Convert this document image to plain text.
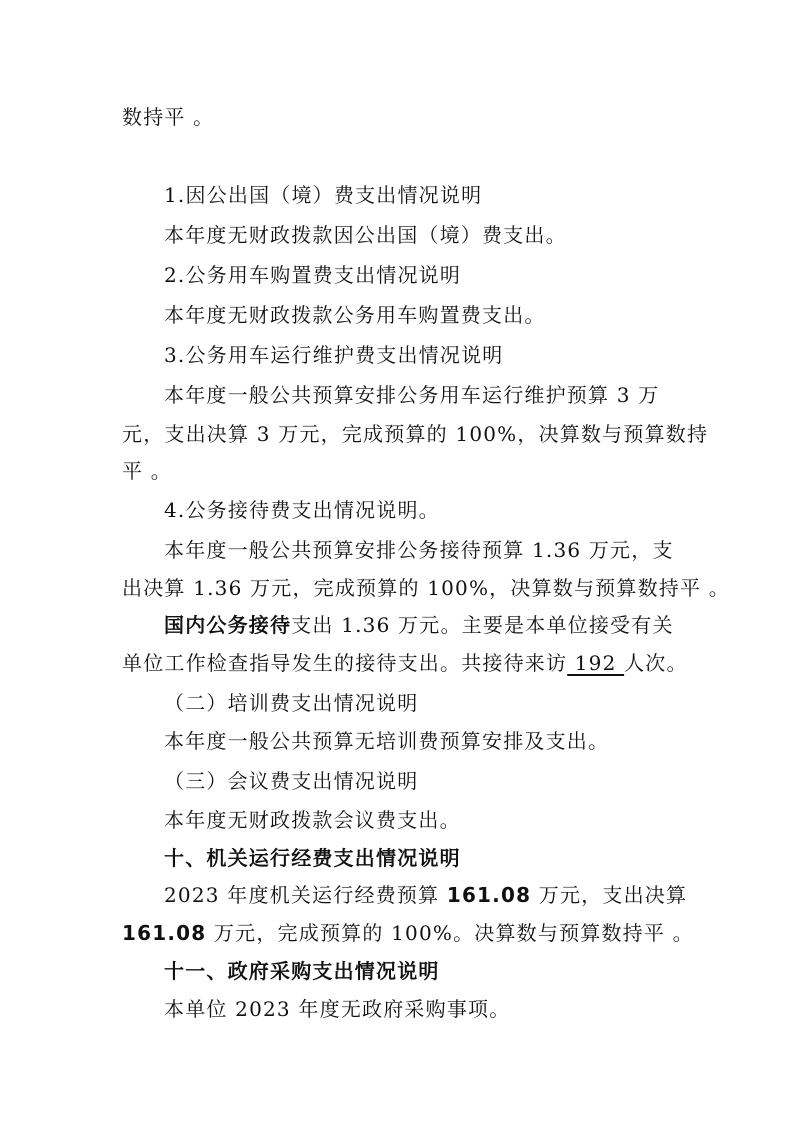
数持平 。
1.因公出国（境）费支出情况说明
本年度无财政拨款因公出国（境）费支出。
2.公务用车购置费支出情况说明
本年度无财政拨款公务用车购置费支出。
3.公务用车运行维护费支出情况说明
本年度一般公共预算安排公务用车运行维护预算 3 万
元，支出决算 3 万元，完成预算的 100%，决算数与预算数持
平 。
4.公务接待费支出情况说明。
本年度一般公共预算安排公务接待预算 1.36 万元，支
出决算 1.36 万元，完成预算的 100%，决算数与预算数持平 。
国内公务接待支出 1.36 万元。主要是本单位接受有关
单位工作检查指导发生的接待支出。共接待来访 192 人次。
（二）培训费支出情况说明
本年度一般公共预算无培训费预算安排及支出。
（三）会议费支出情况说明
本年度无财政拨款会议费支出。
十、机关运行经费支出情况说明
2023 年度机关运行经费预算 161.08 万元，支出决算
161.08 万元，完成预算的 100%。决算数与预算数持平 。
十一、政府采购支出情况说明
本单位 2023 年度无政府采购事项。
